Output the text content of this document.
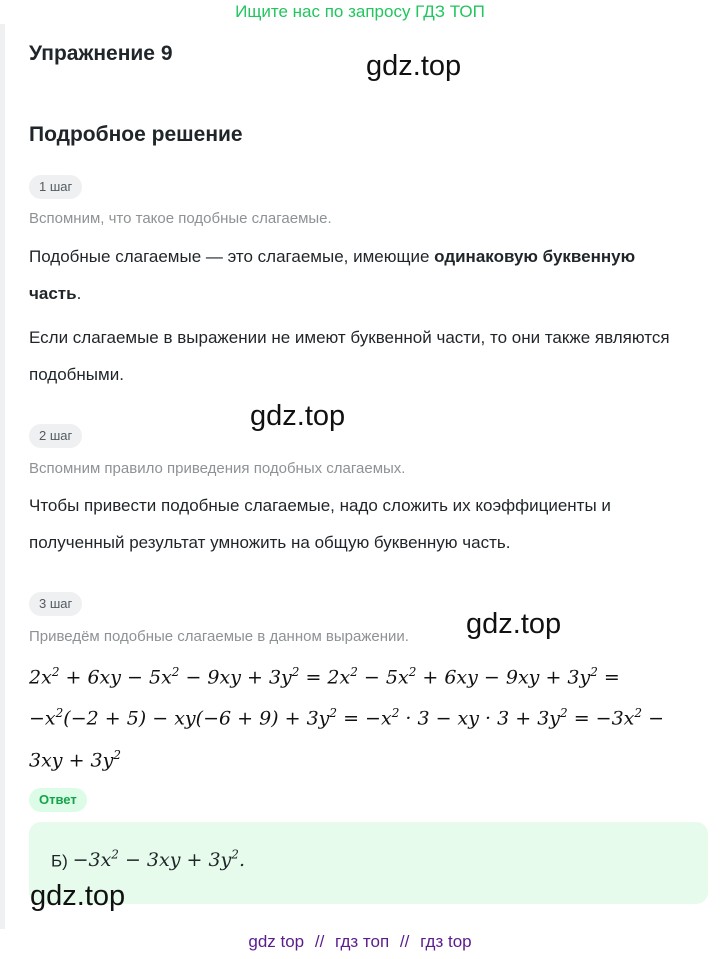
Ищите нас по запросу ГДЗ ТОП
Упражнение 9	gdz.top
Подробное решение
1 шаг
Вспомним, что такое подобные слагаемые.
Подобные слагаемые — это слагаемые, имеющие одинаковую буквенную часть.
Если слагаемые в выражении не имеют буквенной части, то они также являются подобными.
gdz.top
2 шаг
Вспомним правило приведения подобных слагаемых.
Чтобы привести подобные слагаемые, надо сложить их коэффициенты и полученный результат умножить на общую буквенную часть.
3 шаг
Приведём подобные слагаемые в данном выражении. gdz.top
$2x^2 + 6xy - 5x^2 - 9xy + 3y^2 = 2x^2 - 5x^2 + 6xy - 9xy + 3y^2$ =
$-x^2(-2 + 5) - xy(-6 + 9) + 3y^2 = -x^2 \cdot 3$ − xy · $3 + 3y^2 = -3x^2$ −
$3xy + 3y^2$
Ответ
$Б) -3x^2 - 3xy + 3y^2$.
gdz.top
gdz top // гдз топ // гдз top
